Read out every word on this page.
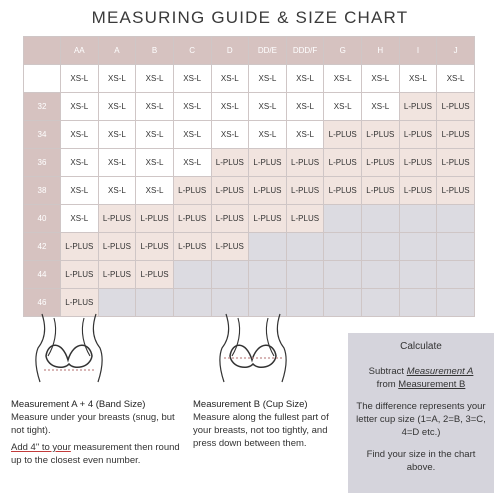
MEASURING GUIDE & SIZE CHART
	AA	A	B	C	D	DD/E	DDD/F	G	H	I	J
30	XS-L	XS-L	XS-L	XS-L	XS-L	XS-L	XS-L	XS-L	XS-L	XS-L	XS-L
32	XS-L	XS-L	XS-L	XS-L	XS-L	XS-L	XS-L	XS-L	XS-L	L-PLUS	L-PLUS
34	XS-L	XS-L	XS-L	XS-L	XS-L	XS-L	XS-L	L-PLUS	L-PLUS	L-PLUS	L-PLUS
36	XS-L	XS-L	XS-L	XS-L	L-PLUS	L-PLUS	L-PLUS	L-PLUS	L-PLUS	L-PLUS	L-PLUS
38	XS-L	XS-L	XS-L	L-PLUS	L-PLUS	L-PLUS	L-PLUS	L-PLUS	L-PLUS	L-PLUS	L-PLUS
40	XS-L	L-PLUS	L-PLUS	L-PLUS	L-PLUS	L-PLUS	L-PLUS				
42	L-PLUS	L-PLUS	L-PLUS	L-PLUS	L-PLUS						
44	L-PLUS	L-PLUS	L-PLUS								
46	L-PLUS										
Measurement A + 4 (Band Size)
Measure under your breasts (snug, but not tight).
Add 4" to your measurement then round up to the closest even number.
Measurement B (Cup Size)
Measure along the fullest part of your breasts, not too tightly, and press down between them.
Calculate

Subtract Measurement A
from Measurement B

The difference represents your letter cup size (1=A, 2=B, 3=C, 4=D etc.)

Find your size in the chart above.
